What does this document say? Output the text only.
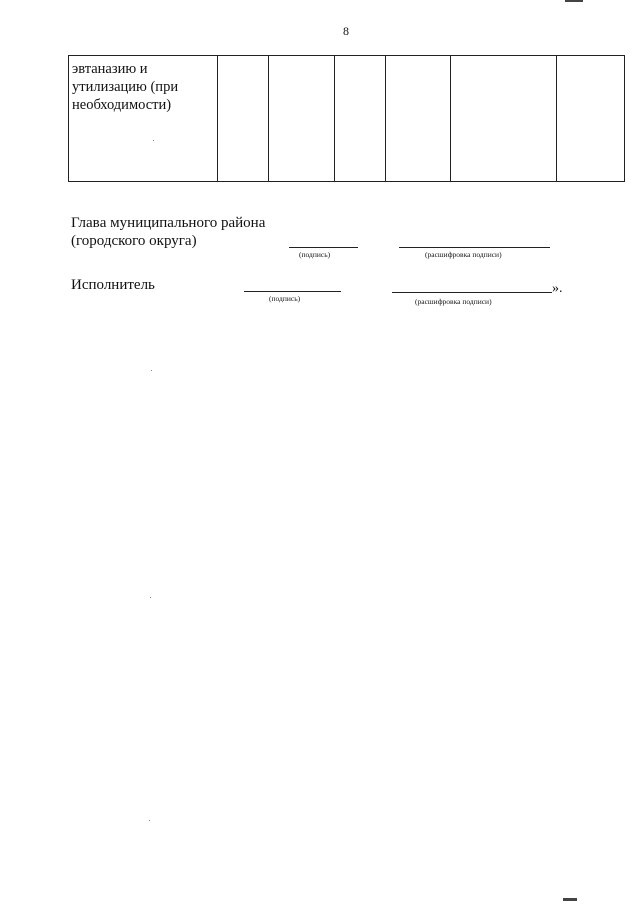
8
эвтаназию и
утилизацию (при
необходимости)

Главa муниципального района
(городского округа)
(подпись)	(расшифровка подписи)
Исполнитель
(подпись)	(расшифровка подписи)
».
